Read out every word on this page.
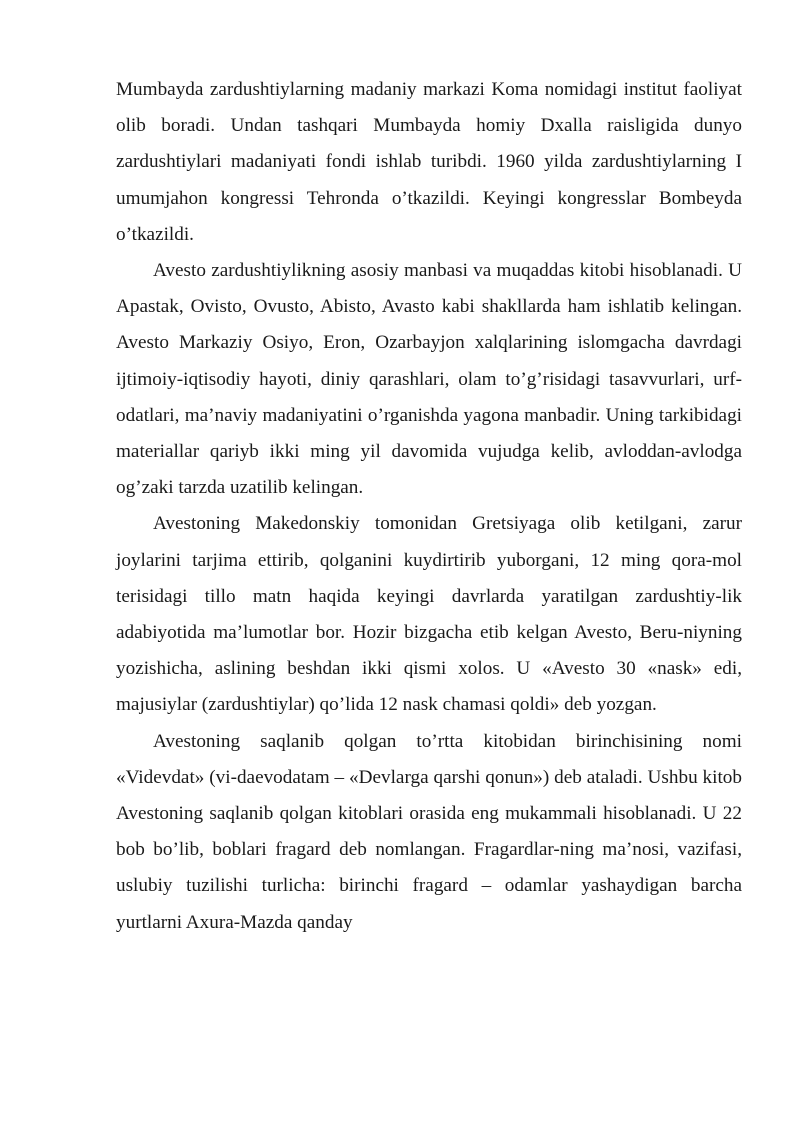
Mumbayda zardushtiylarning madaniy markazi Koma nomidagi institut faoliyat olib boradi. Undan tashqari Mumbayda homiy Dxalla raisligida dunyo zardushtiylari madaniyati fondi ishlab turibdi. 1960 yilda zardushtiylarning I umumjahon kongressi Tehronda o’tkazildi. Keyingi kongresslar Bombeyda o’tkazildi.

Avesto zardushtiylikning asosiy manbasi va muqaddas kitobi hisoblanadi. U Apastak, Ovisto, Ovusto, Abisto, Avasto kabi shakllarda ham ishlatib kelingan. Avesto Markaziy Osiyo, Eron, Ozarbayjon xalqlarining islomgacha davrdagi ijtimoiy-iqtisodiy hayoti, diniy qarashlari, olam to’g’risidagi tasavvurlari, urf-odatlari, ma’naviy madaniyatini o’rganishda yagona manbadir. Uning tarkibidagi materiallar qariyb ikki ming yil davomida vujudga kelib, avloddan-avlodga og’zaki tarzda uzatilib kelingan.

Avestoning Makedonskiy tomonidan Gretsiyaga olib ketilgani, zarur joylarini tarjima ettirib, qolganini kuydirtirib yuborgani, 12 ming qora-mol terisidagi tillo matn haqida keyingi davrlarda yaratilgan zardushtiy-lik adabiyotida ma’lumotlar bor. Hozir bizgacha etib kelgan Avesto, Beru-niyning yozishicha, aslining beshdan ikki qismi xolos. U «Avesto 30 «nask» edi, majusiylar (zardushtiylar) qo’lida 12 nask chamasi qoldi» deb yozgan.

Avestoning saqlanib qolgan to’rtta kitobidan birinchisining nomi «Videvdat» (vi-daevodatam – «Devlarga qarshi qonun») deb ataladi. Ushbu kitob Avestoning saqlanib qolgan kitoblari orasida eng mukammali hisoblanadi. U 22 bob bo’lib, boblari fragard deb nomlangan. Fragardlar-ning ma’nosi, vazifasi, uslubiy tuzilishi turlicha: birinchi fragard – odamlar yashaydigan barcha yurtlarni Axura-Mazda qanday
